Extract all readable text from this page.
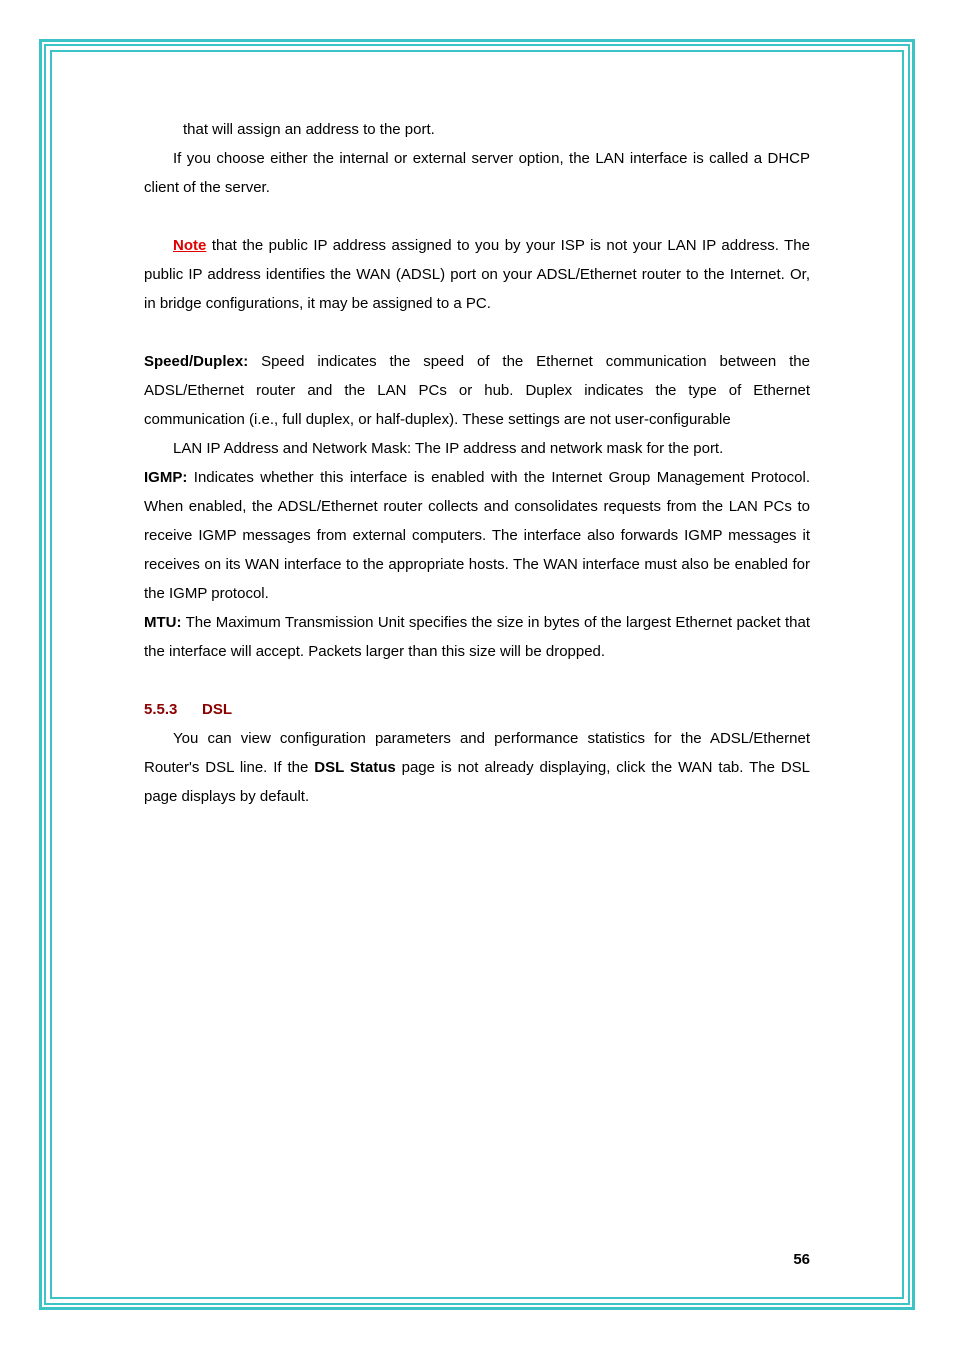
that will assign an address to the port.

If you choose either the internal or external server option, the LAN interface is called a DHCP client of the server.

Note that the public IP address assigned to you by your ISP is not your LAN IP address. The public IP address identifies the WAN (ADSL) port on your ADSL/Ethernet router to the Internet. Or, in bridge configurations, it may be assigned to a PC.

Speed/Duplex: Speed indicates the speed of the Ethernet communication between the ADSL/Ethernet router and the LAN PCs or hub. Duplex indicates the type of Ethernet communication (i.e., full duplex, or half-duplex). These settings are not user-configurable

LAN IP Address and Network Mask: The IP address and network mask for the port.

IGMP: Indicates whether this interface is enabled with the Internet Group Management Protocol. When enabled, the ADSL/Ethernet router collects and consolidates requests from the LAN PCs to receive IGMP messages from external computers. The interface also forwards IGMP messages it receives on its WAN interface to the appropriate hosts. The WAN interface must also be enabled for the IGMP protocol.

MTU: The Maximum Transmission Unit specifies the size in bytes of the largest Ethernet packet that the interface will accept. Packets larger than this size will be dropped.

5.5.3 DSL

You can view configuration parameters and performance statistics for the ADSL/Ethernet Router's DSL line. If the DSL Status page is not already displaying, click the WAN tab. The DSL page displays by default.

56
